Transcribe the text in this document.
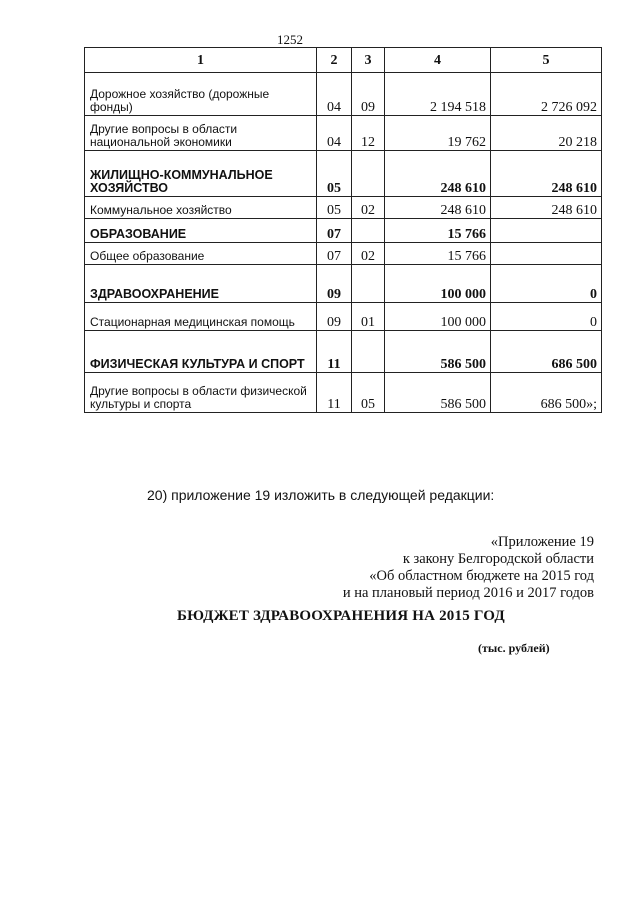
1252
1	2	3	4	5
Дорожное хозяйство (дорожные фонды)	04	09	2 194 518	2 726 092
Другие вопросы в области национальной экономики	04	12	19 762	20 218
ЖИЛИЩНО-КОММУНАЛЬНОЕ ХОЗЯЙСТВО	05		248 610	248 610
Коммунальное хозяйство	05	02	248 610	248 610
ОБРАЗОВАНИЕ	07		15 766	
Общее образование	07	02	15 766	
ЗДРАВООХРАНЕНИЕ	09		100 000	0
Стационарная медицинская помощь	09	01	100 000	0
ФИЗИЧЕСКАЯ КУЛЬТУРА И СПОРТ	11		586 500	686 500
Другие вопросы в области физической культуры и спорта	11	05	586 500	686 500»;
20) приложение 19 изложить в следующей редакции:
«Приложение 19
к закону Белгородской области
«Об областном бюджете на 2015 год
и на плановый период 2016 и 2017 годов
БЮДЖЕТ ЗДРАВООХРАНЕНИЯ НА 2015 ГОД
(тыс. рублей)
